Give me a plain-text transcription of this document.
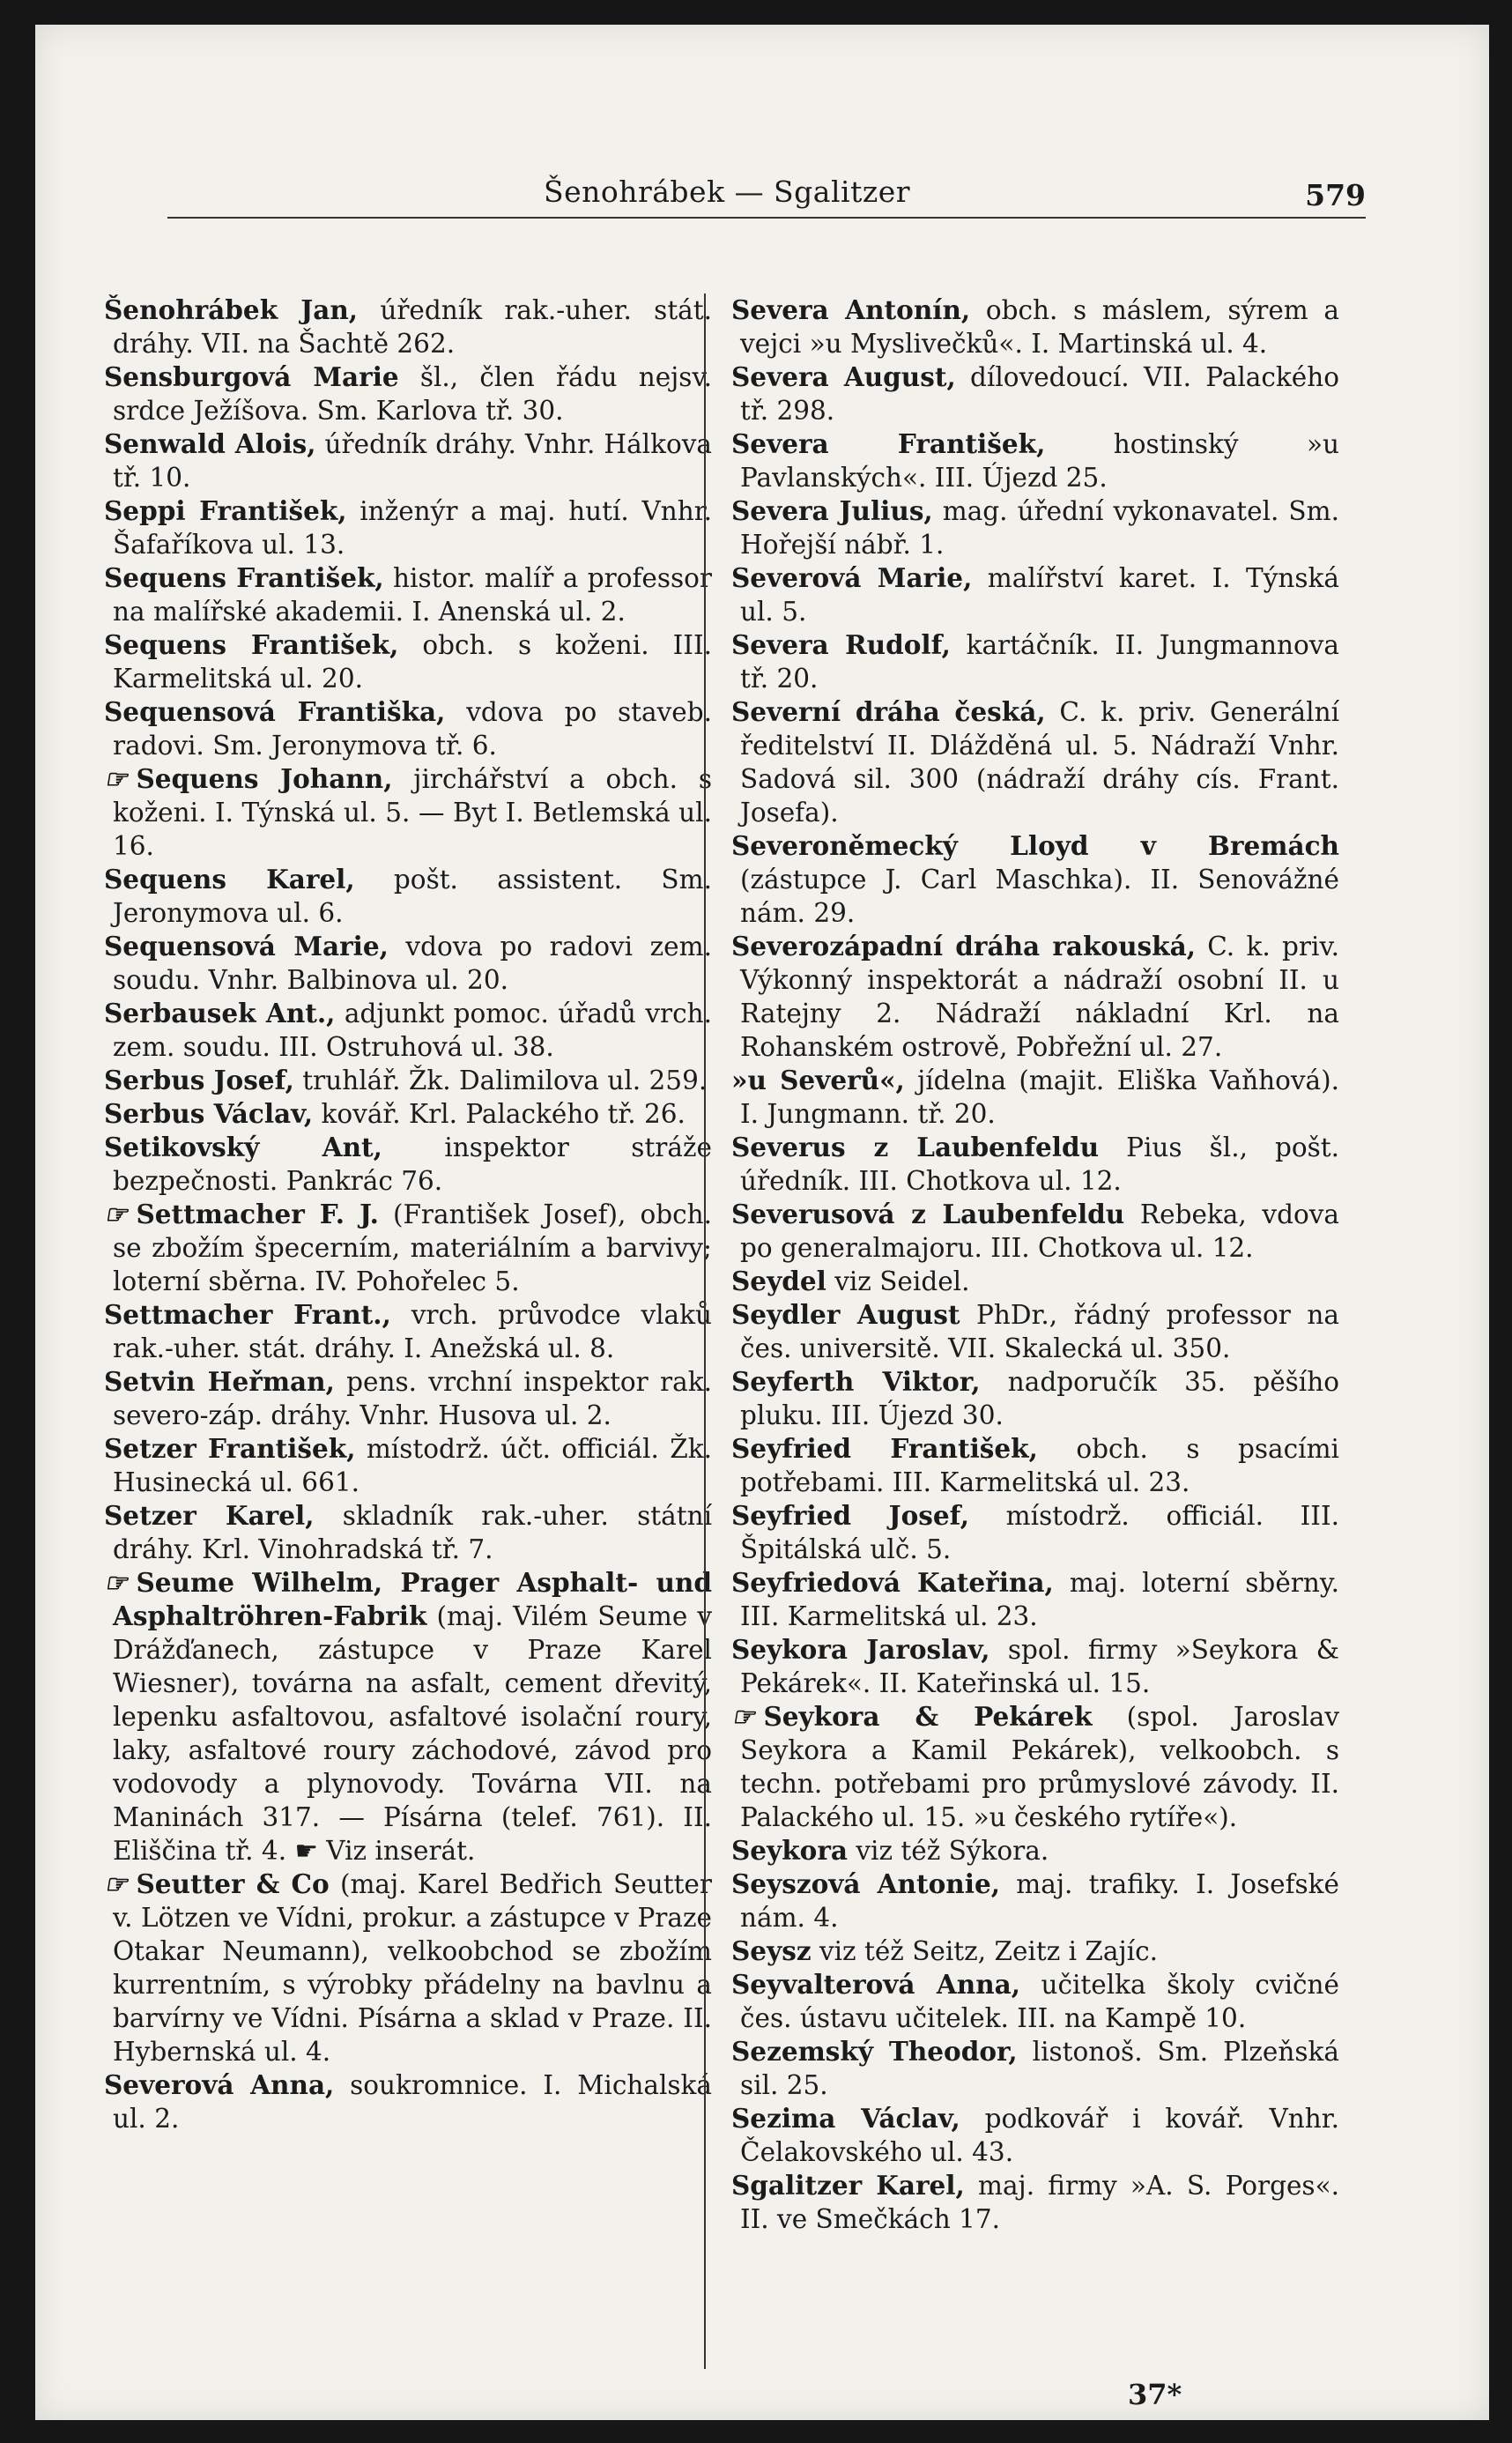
Šenohrábek — Sgalitzer	579

Šenohrábek Jan, úředník rak.-uher. stát. dráhy. VII. na Šachtě 262.

Sensburgová Marie šl., člen řádu nejsv. srdce Ježíšova. Sm. Karlova tř. 30.

Senwald Alois, úředník dráhy. Vnhr. Hálkova tř. 10.

Seppi František, inženýr a maj. hutí. Vnhr. Šafaříkova ul. 13.

Sequens František, histor. malíř a professor na malířské akademii. I. Anenská ul. 2.

Sequens František, obch. s koženi. III. Karmelitská ul. 20.

Sequensová Františka, vdova po staveb. radovi. Sm. Jeronymova tř. 6.

☞ Sequens Johann, jirchářství a obch. s koženi. I. Týnská ul. 5. — Byt I. Betlemská ul. 16.

Sequens Karel, pošt. assistent. Sm. Jeronymova ul. 6.

Sequensová Marie, vdova po radovi zem. soudu. Vnhr. Balbinova ul. 20.

Serbausek Ant., adjunkt pomoc. úřadů vrch. zem. soudu. III. Ostruhová ul. 38.

Serbus Josef, truhlář. Žk. Dalimilova ul. 259.

Serbus Václav, kovář. Krl. Palackého tř. 26.

Setikovský Ant, inspektor stráže bezpečnosti. Pankrác 76.

☞ Settmacher F. J. (František Josef), obch. se zbožím špecerním, materiálním a barvivy; loterní sběrna. IV. Pohořelec 5.

Settmacher Frant., vrch. průvodce vlaků rak.-uher. stát. dráhy. I. Anežská ul. 8.

Setvin Heřman, pens. vrchní inspektor rak. severo-záp. dráhy. Vnhr. Husova ul. 2.

Setzer František, místodrž. účt. officiál. Žk. Husinecká ul. 661.

Setzer Karel, skladník rak.-uher. státní dráhy. Krl. Vinohradská tř. 7.

☞ Seume Wilhelm, Prager Asphalt- und Asphaltröhren-Fabrik (maj. Vilém Seume v Drážďanech, zástupce v Praze Karel Wiesner), továrna na asfalt, cement dřevitý, lepenku asfaltovou, asfaltové isolační roury, laky, asfaltové roury záchodové, závod pro vodovody a plynovody. Továrna VII. na Maninách 317. — Písárna (telef. 761). II. Eliščina tř. 4. ☛ Viz inserát.

☞ Seutter & Co (maj. Karel Bedřich Seutter v. Lötzen ve Vídni, prokur. a zástupce v Praze Otakar Neumann), velkoobchod se zbožím kurrentním, s výrobky přádelny na bavlnu a barvírny ve Vídni. Písárna a sklad v Praze. II. Hybernská ul. 4.

Severová Anna, soukromnice. I. Michalská ul. 2.

Severa Antonín, obch. s máslem, sýrem a vejci »u Myslivečků«. I. Martinská ul. 4.

Severa August, dílovedoucí. VII. Palackého tř. 298.

Severa František, hostinský »u Pavlanských«. III. Újezd 25.

Severa Julius, mag. úřední vykonavatel. Sm. Hořejší nábř. 1.

Severová Marie, malířství karet. I. Týnská ul. 5.

Severa Rudolf, kartáčník. II. Jungmannova tř. 20.

Severní dráha česká, C. k. priv. Generální ředitelství II. Dlážděná ul. 5. Nádraží Vnhr. Sadová sil. 300 (nádraží dráhy cís. Frant. Josefa).

Severoněmecký Lloyd v Bremách (zástupce J. Carl Maschka). II. Senovážné nám. 29.

Severozápadní dráha rakouská, C. k. priv. Výkonný inspektorát a nádraží osobní II. u Ratejny 2. Nádraží nákladní Krl. na Rohanském ostrově, Pobřežní ul. 27.

»u Severů«, jídelna (majit. Eliška Vaňhová). I. Jungmann. tř. 20.

Severus z Laubenfeldu Pius šl., pošt. úředník. III. Chotkova ul. 12.

Severusová z Laubenfeldu Rebeka, vdova po generalmajoru. III. Chotkova ul. 12.

Seydel viz Seidel.

Seydler August PhDr., řádný professor na čes. universitě. VII. Skalecká ul. 350.

Seyferth Viktor, nadporučík 35. pěšího pluku. III. Újezd 30.

Seyfried František, obch. s psacími potřebami. III. Karmelitská ul. 23.

Seyfried Josef, místodrž. officiál. III. Špitálská ulč. 5.

Seyfriedová Kateřina, maj. loterní sběrny. III. Karmelitská ul. 23.

Seykora Jaroslav, spol. firmy »Seykora & Pekárek«. II. Kateřinská ul. 15.

☞ Seykora & Pekárek (spol. Jaroslav Seykora a Kamil Pekárek), velkoobch. s techn. potřebami pro průmyslové závody. II. Palackého ul. 15. »u českého rytíře«).

Seykora viz též Sýkora.

Seyszová Antonie, maj. trafiky. I. Josefské nám. 4.

Seysz viz též Seitz, Zeitz i Zajíc.

Seyvalterová Anna, učitelka školy cvičné čes. ústavu učitelek. III. na Kampě 10.

Sezemský Theodor, listonoš. Sm. Plzeňská sil. 25.

Sezima Václav, podkovář i kovář. Vnhr. Čelakovského ul. 43.

Sgalitzer Karel, maj. firmy »A. S. Porges«. II. ve Smečkách 17.

37*
